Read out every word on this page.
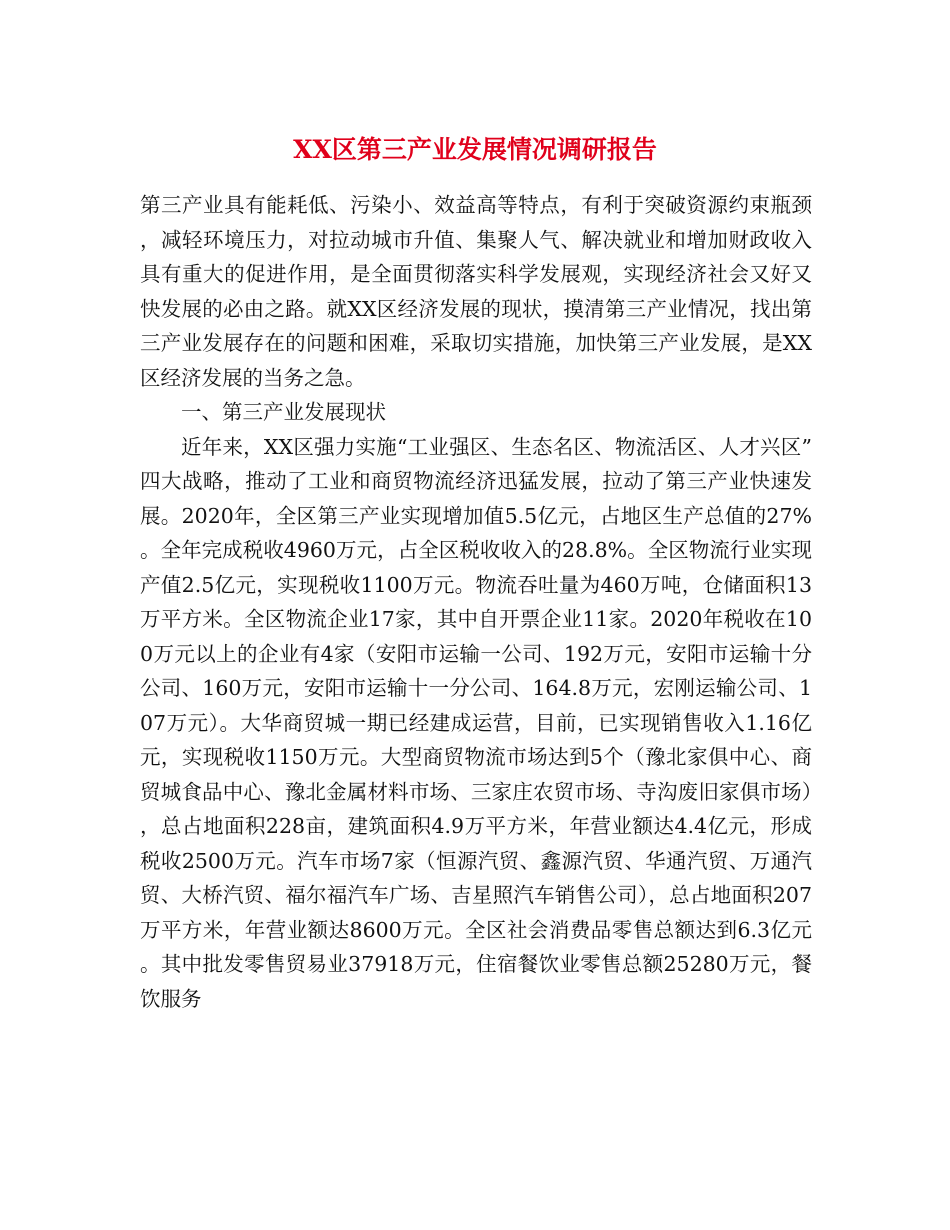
XX区第三产业发展情况调研报告

第三产业具有能耗低、污染小、效益高等特点，有利于突破资源约束瓶颈，减轻环境压力，对拉动城市升值、集聚人气、解决就业和增加财政收入具有重大的促进作用，是全面贯彻落实科学发展观，实现经济社会又好又快发展的必由之路。就XX区经济发展的现状，摸清第三产业情况，找出第三产业发展存在的问题和困难，采取切实措施，加快第三产业发展，是XX区经济发展的当务之急。

一、第三产业发展现状

近年来，XX区强力实施“工业强区、生态名区、物流活区、人才兴区”四大战略，推动了工业和商贸物流经济迅猛发展，拉动了第三产业快速发展。2020年，全区第三产业实现增加值5.5亿元，占地区生产总值的27%。全年完成税收4960万元，占全区税收收入的28.8%。全区物流行业实现产值2.5亿元，实现税收1100万元。物流吞吐量为460万吨，仓储面积13万平方米。全区物流企业17家，其中自开票企业11家。2020年税收在100万元以上的企业有4家（安阳市运输一公司、192万元，安阳市运输十分公司、160万元，安阳市运输十一分公司、164.8万元，宏刚运输公司、107万元）。大华商贸城一期已经建成运营，目前，已实现销售收入1.16亿元，实现税收1150万元。大型商贸物流市场达到5个（豫北家俱中心、商贸城食品中心、豫北金属材料市场、三家庄农贸市场、寺沟废旧家俱市场），总占地面积228亩，建筑面积4.9万平方米，年营业额达4.4亿元，形成税收2500万元。汽车市场7家（恒源汽贸、鑫源汽贸、华通汽贸、万通汽贸、大桥汽贸、福尔福汽车广场、吉星照汽车销售公司），总占地面积207万平方米，年营业额达8600万元。全区社会消费品零售总额达到6.3亿元。其中批发零售贸易业37918万元，住宿餐饮业零售总额25280万元，餐饮服务
